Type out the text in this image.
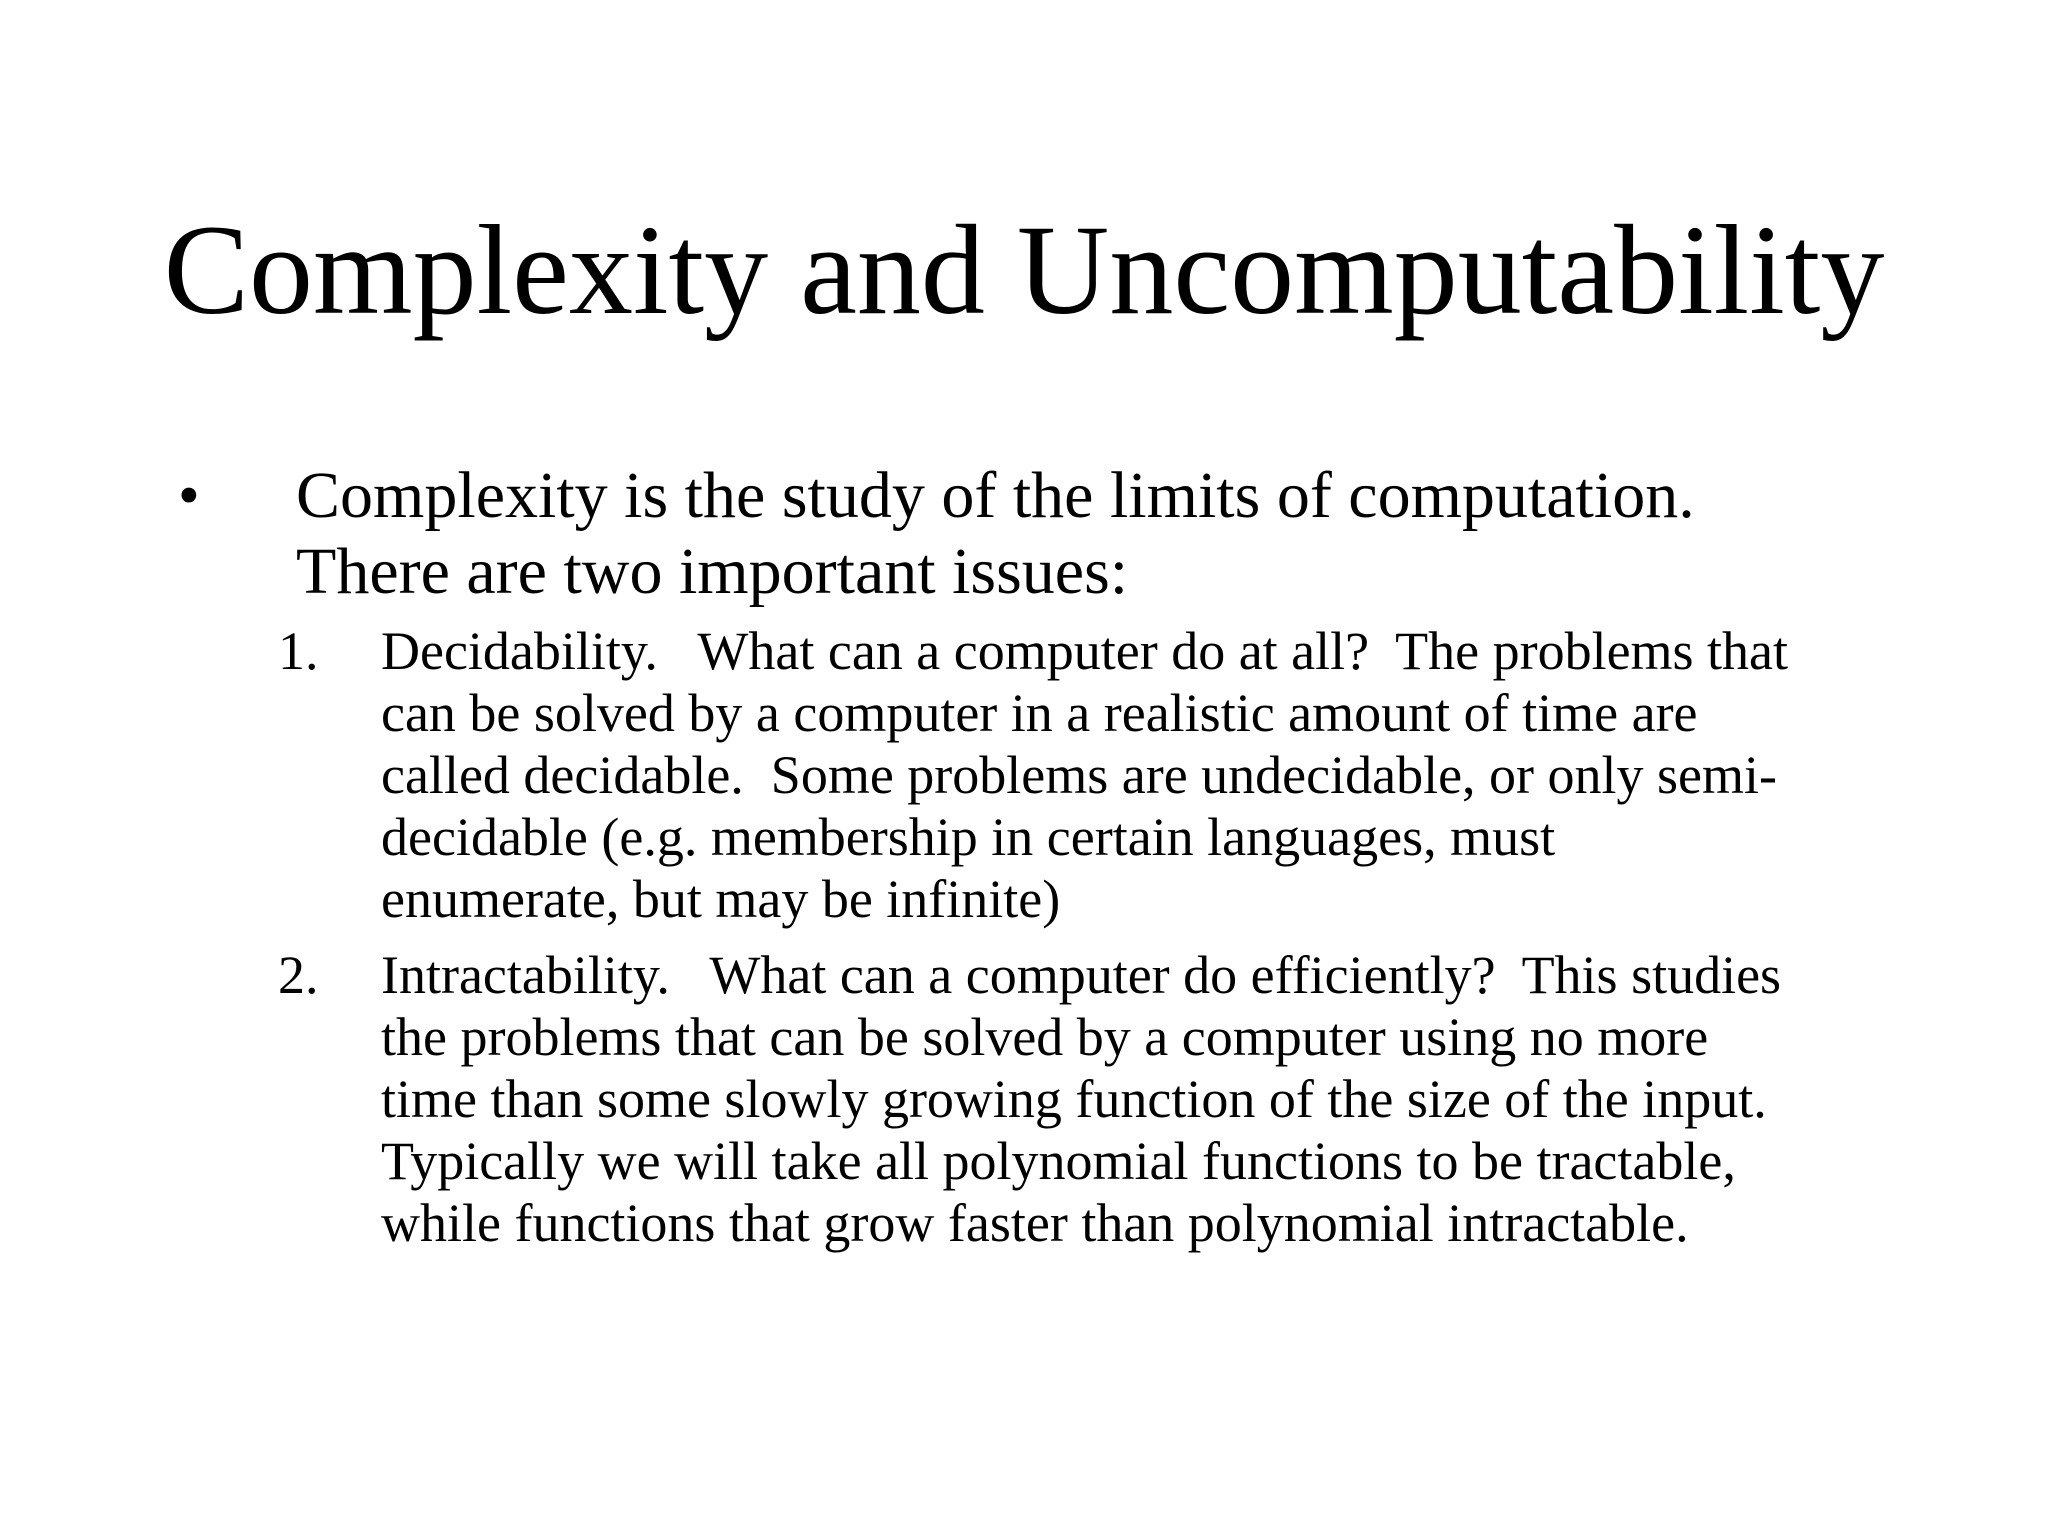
Complexity and Uncomputability
• Complexity is the study of the limits of computation.
There are two important issues:
1. Decidability.   What can a computer do at all?  The problems that
can be solved by a computer in a realistic amount of time are
called decidable.  Some problems are undecidable, or only semi-
decidable (e.g. membership in certain languages, must
enumerate, but may be infinite)
2. Intractability.   What can a computer do efficiently?  This studies
the problems that can be solved by a computer using no more
time than some slowly growing function of the size of the input.
Typically we will take all polynomial functions to be tractable,
while functions that grow faster than polynomial intractable.
